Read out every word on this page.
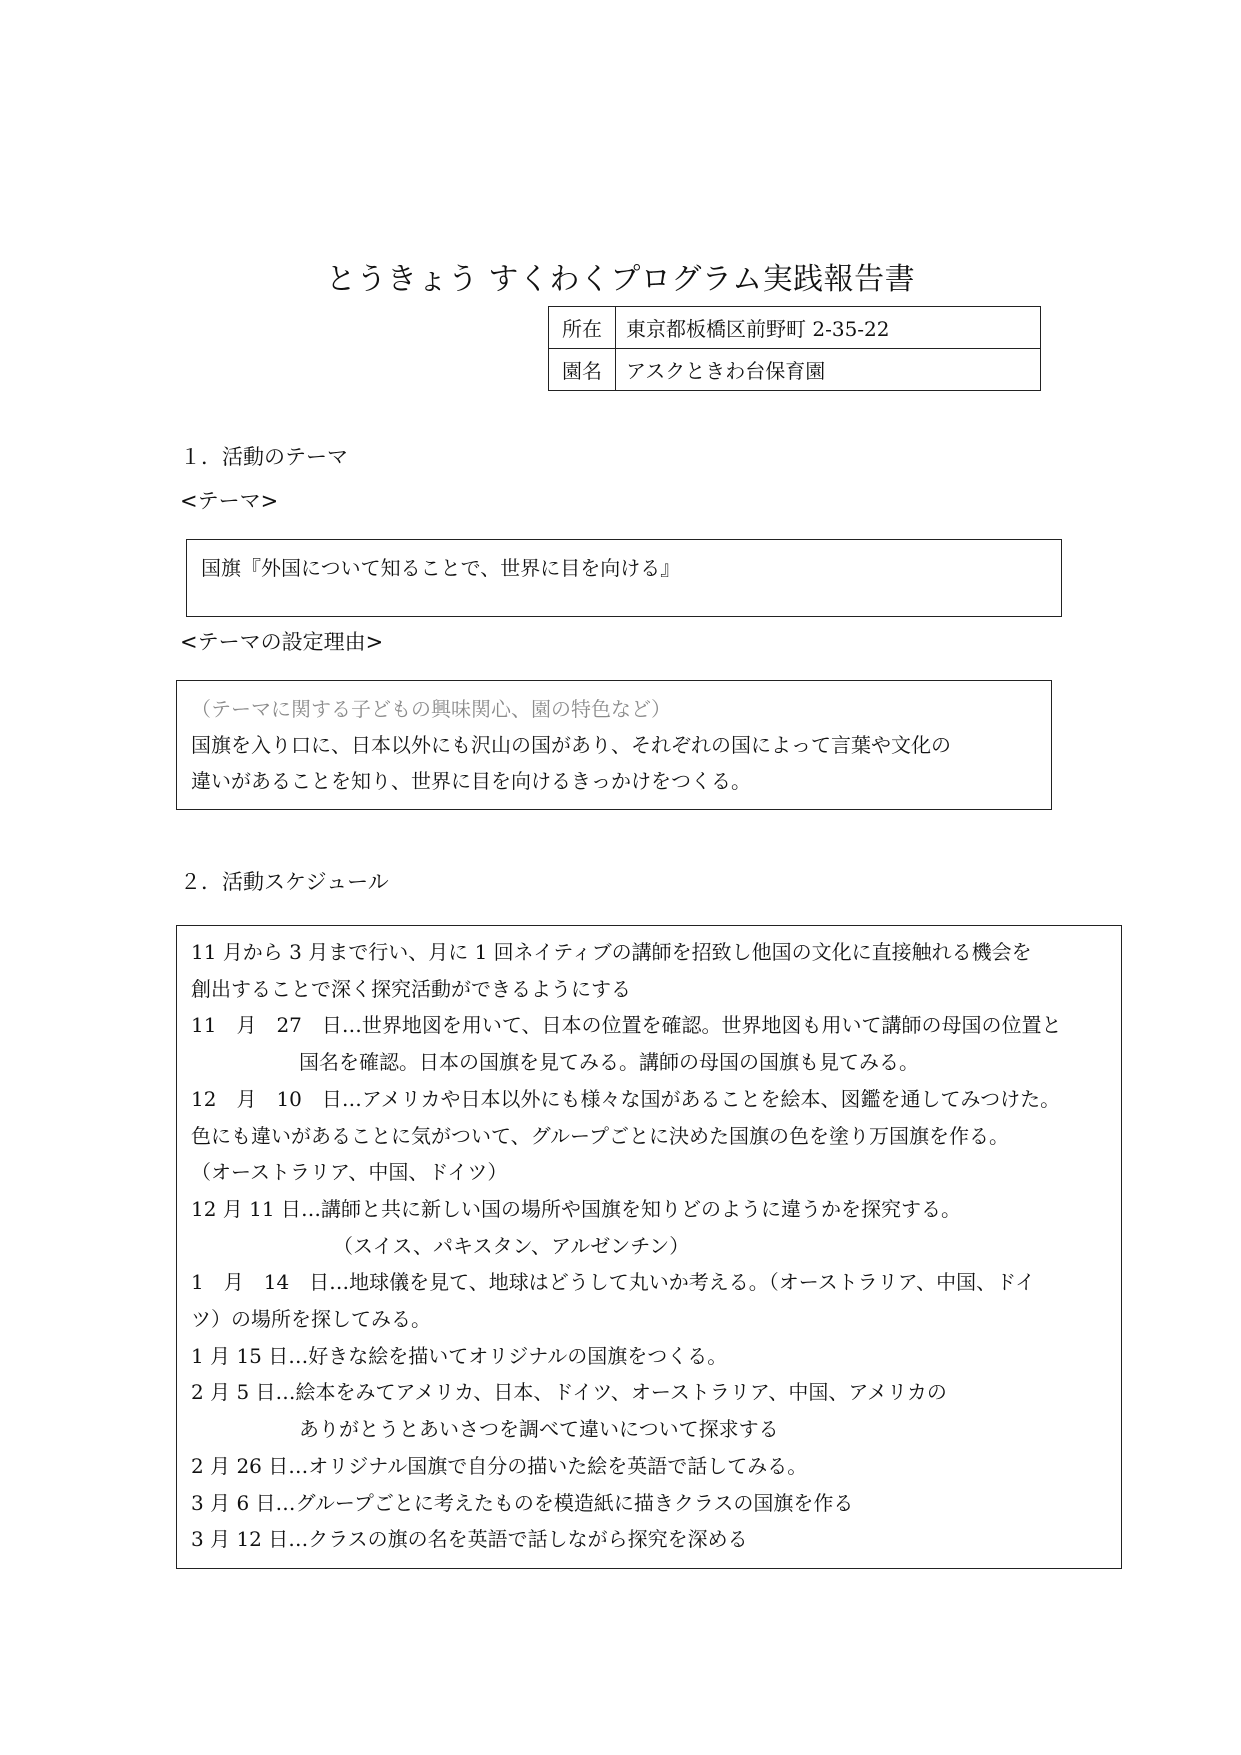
とうきょう すくわくプログラム実践報告書
所在	東京都板橋区前野町 2-35-22
園名	アスクときわ台保育園
１．活動のテーマ
<テーマ>
国旗『外国について知ることで、世界に目を向ける』
<テーマの設定理由>
（テーマに関する子どもの興味関心、園の特色など）
国旗を入り口に、日本以外にも沢山の国があり、それぞれの国によって言葉や文化の
違いがあることを知り、世界に目を向けるきっかけをつくる。
２．活動スケジュール
11 月から 3 月まで行い、月に 1 回ネイティブの講師を招致し他国の文化に直接触れる機会を
創出することで深く探究活動ができるようにする
11　月　27　日…世界地図を用いて、日本の位置を確認。世界地図も用いて講師の母国の位置と
国名を確認。日本の国旗を見てみる。講師の母国の国旗も見てみる。
12　月　10　日…アメリカや日本以外にも様々な国があることを絵本、図鑑を通してみつけた。
色にも違いがあることに気がついて、グループごとに決めた国旗の色を塗り万国旗を作る。
（オーストラリア、中国、ドイツ）
12 月 11 日…講師と共に新しい国の場所や国旗を知りどのように違うかを探究する。
（スイス、パキスタン、アルゼンチン）
1　月　14　日…地球儀を見て、地球はどうして丸いか考える。（オーストラリア、中国、ドイ
ツ）の場所を探してみる。
1 月 15 日…好きな絵を描いてオリジナルの国旗をつくる。
2 月 5 日…絵本をみてアメリカ、日本、ドイツ、オーストラリア、中国、アメリカの
ありがとうとあいさつを調べて違いについて探求する
2 月 26 日…オリジナル国旗で自分の描いた絵を英語で話してみる。
3 月 6 日…グループごとに考えたものを模造紙に描きクラスの国旗を作る
3 月 12 日…クラスの旗の名を英語で話しながら探究を深める
